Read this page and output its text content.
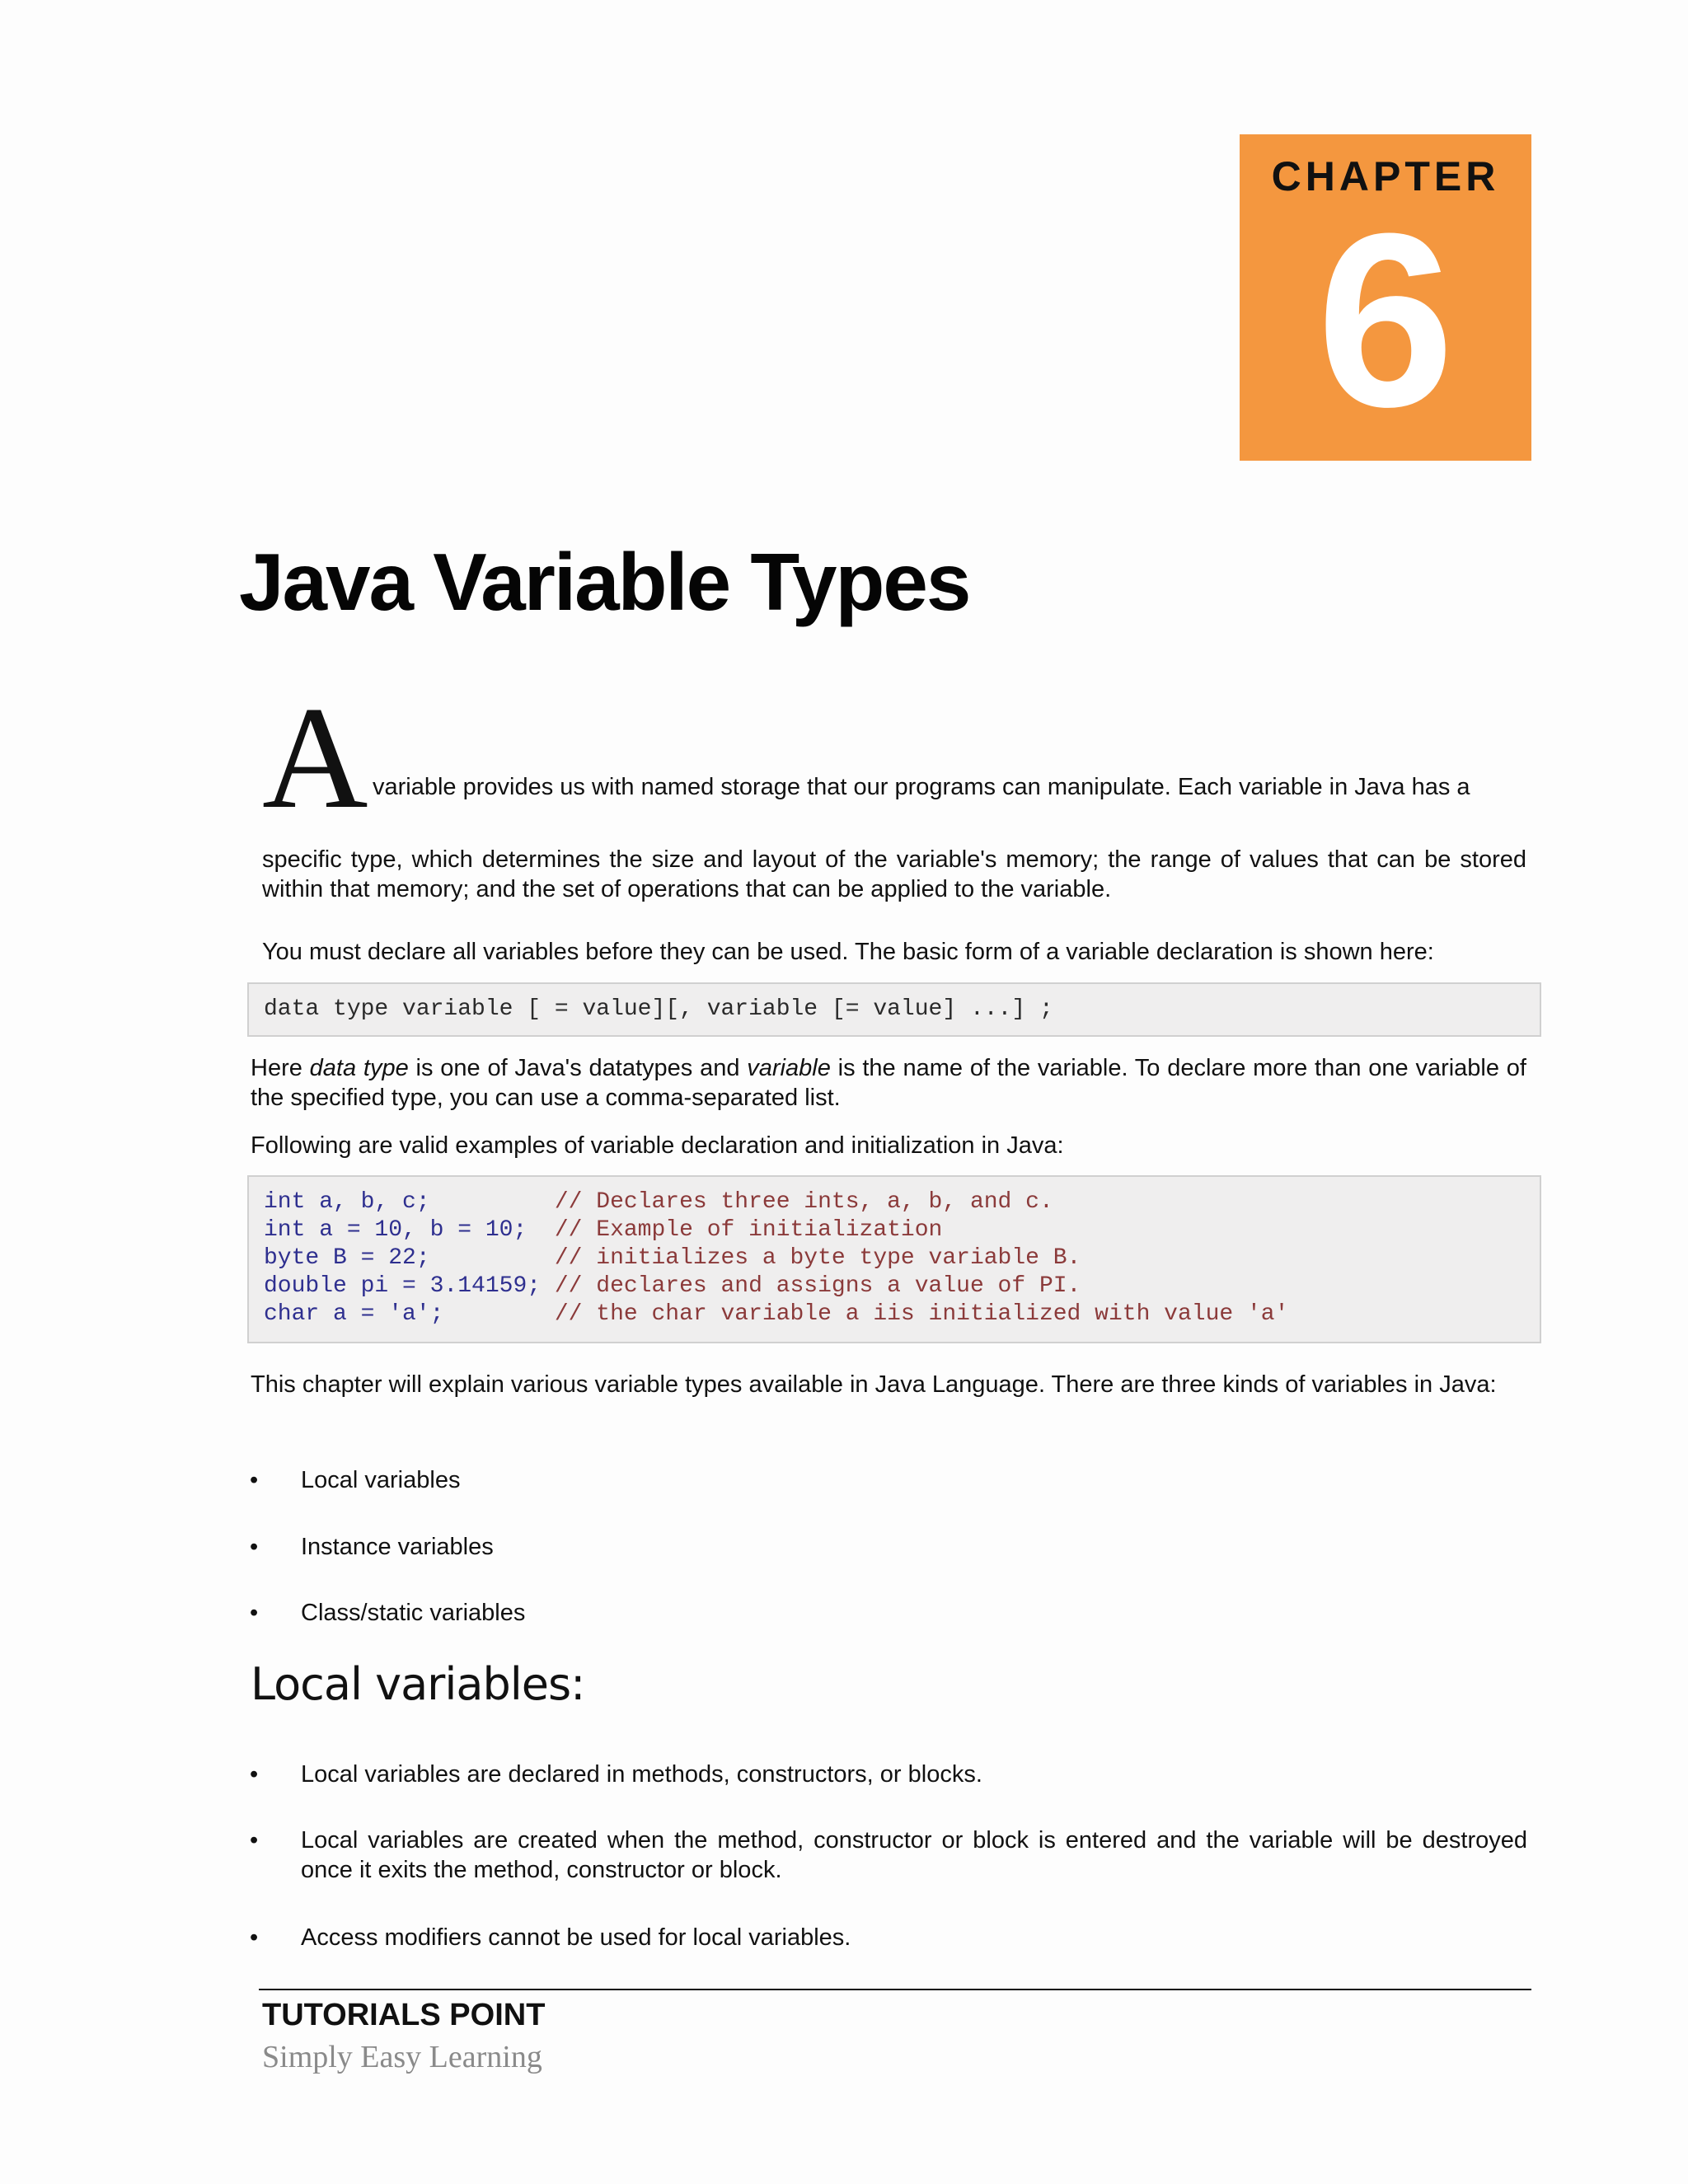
CHAPTER
6
Java Variable Types
A variable provides us with named storage that our programs can manipulate. Each variable in Java has a
specific type, which determines the size and layout of the variable's memory; the range of values that can be stored within that memory; and the set of operations that can be applied to the variable.
You must declare all variables before they can be used. The basic form of a variable declaration is shown here:
data type variable [ = value][, variable [= value] ...] ;
Here data type is one of Java's datatypes and variable is the name of the variable. To declare more than one variable of the specified type, you can use a comma-separated list.
Following are valid examples of variable declaration and initialization in Java:
int a, b, c;         // Declares three ints, a, b, and c.
int a = 10, b = 10;  // Example of initialization
byte B = 22;         // initializes a byte type variable B.
double pi = 3.14159; // declares and assigns a value of PI.
char a = 'a';        // the char variable a iis initialized with value 'a'
This chapter will explain various variable types available in Java Language. There are three kinds of variables in Java:
• Local variables
• Instance variables
• Class/static variables
Local variables:
• Local variables are declared in methods, constructors, or blocks.
• Local variables are created when the method, constructor or block is entered and the variable will be destroyed once it exits the method, constructor or block.
• Access modifiers cannot be used for local variables.
TUTORIALS POINT
Simply Easy Learning
